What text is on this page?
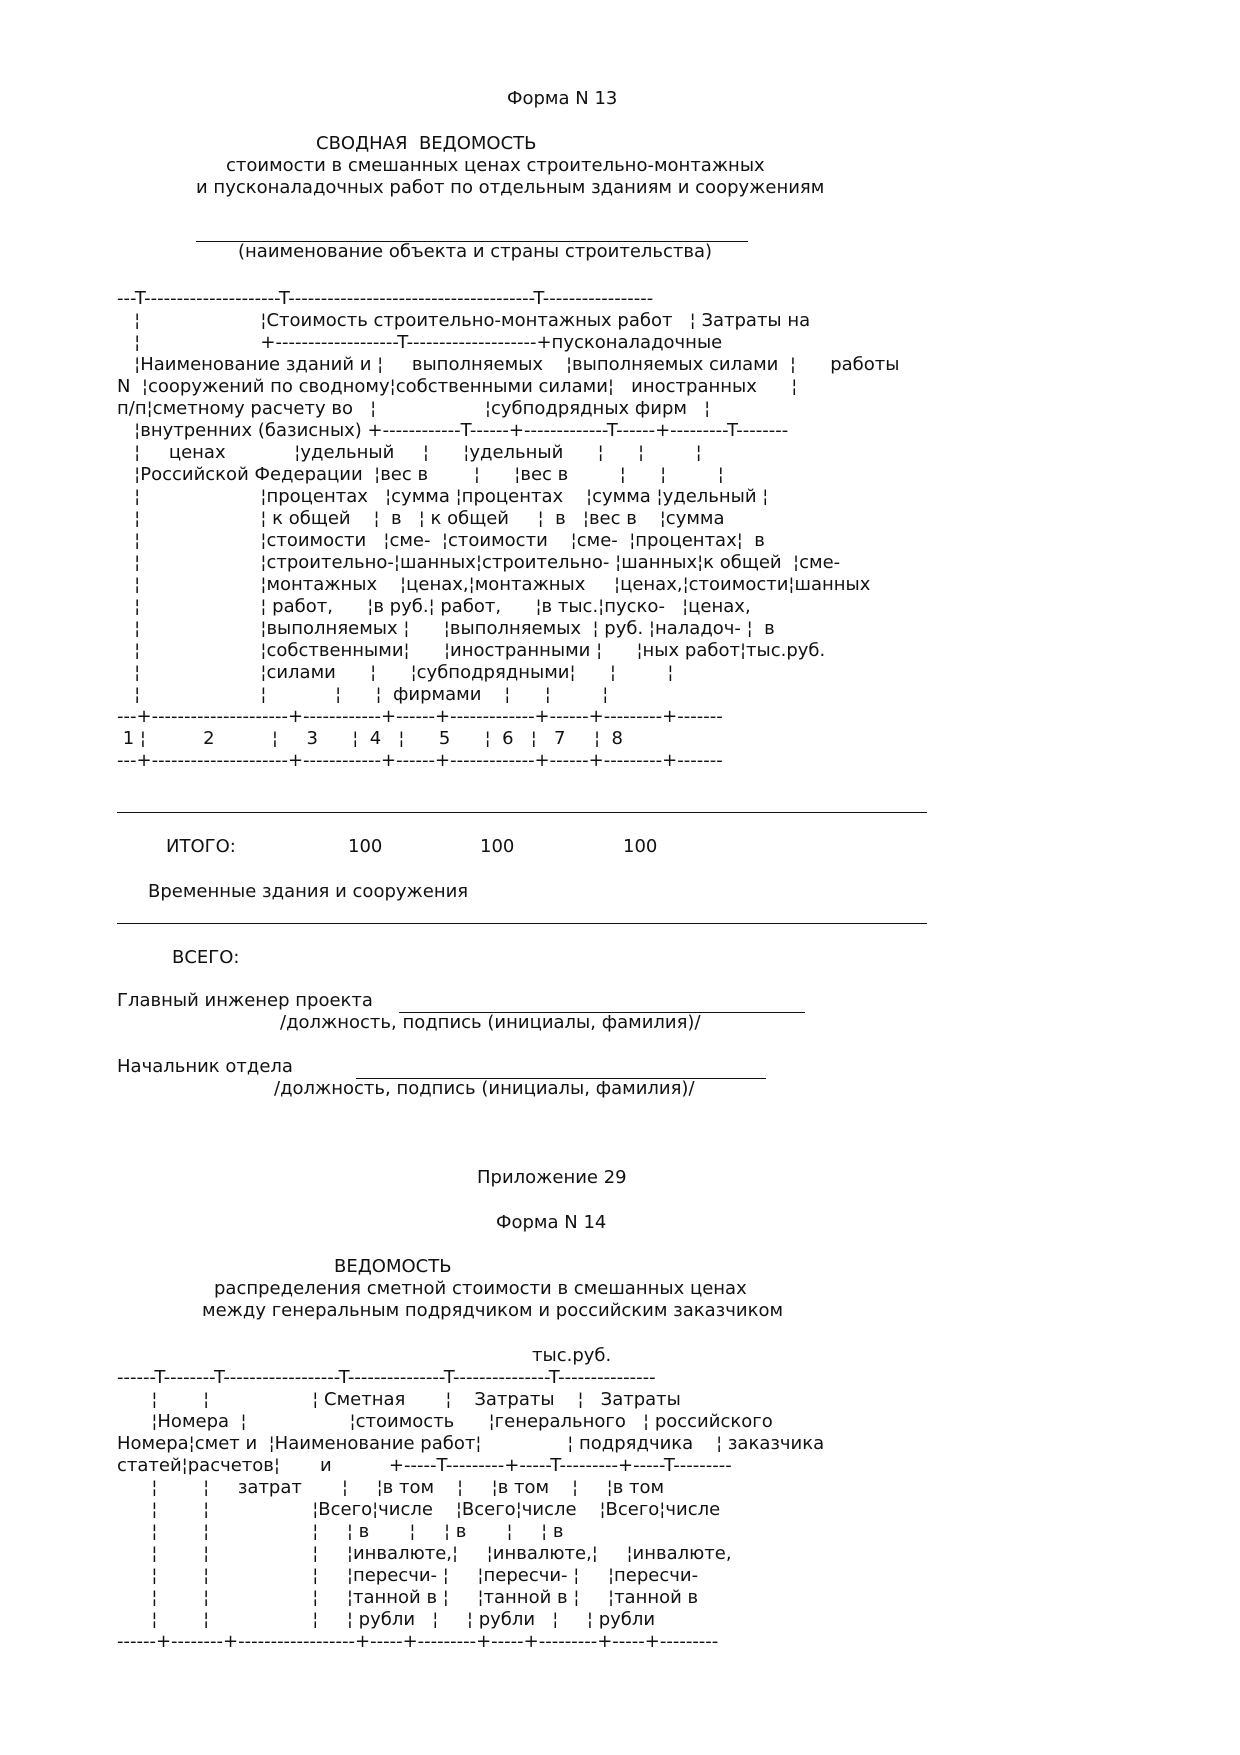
Форма N 13
СВОДНАЯ  ВЕДОМОСТЬ
стоимости в смешанных ценах строительно-монтажных
и пусконаладочных работ по отдельным зданиям и сооружениям
(наименование объекта и страны строительства)
---T---------------------T--------------------------------------T-----------------
¦                     ¦Стоимость строительно-монтажных работ   ¦ Затраты на
¦                     +-------------------T--------------------+пусконаладочные
¦Наименование зданий и ¦     выполняемых    ¦выполняемых силами  ¦      работы
N  ¦сооружений по сводному¦собственными силами¦   иностранных      ¦
п/п¦сметному расчету во   ¦                   ¦субподрядных фирм   ¦
¦внутренних (базисных) +------------T------+-------------T------+---------T--------
¦     ценах            ¦удельный     ¦      ¦удельный      ¦      ¦         ¦
¦Российской Федерации  ¦вес в        ¦      ¦вес в         ¦      ¦         ¦
¦                     ¦процентах   ¦сумма ¦процентах    ¦сумма ¦удельный ¦
¦                     ¦ к общей    ¦  в   ¦ к общей     ¦  в   ¦вес в    ¦сумма
¦                     ¦стоимости   ¦сме-  ¦стоимости    ¦сме-  ¦процентах¦  в
¦                     ¦строительно-¦шанных¦строительно- ¦шанных¦к общей  ¦сме-
¦                     ¦монтажных    ¦ценах,¦монтажных     ¦ценах,¦стоимости¦шанных
¦                     ¦ работ,      ¦в руб.¦ работ,      ¦в тыс.¦пуско-   ¦ценах,
¦                     ¦выполняемых ¦      ¦выполняемых  ¦ руб. ¦наладоч- ¦  в
¦                     ¦собственными¦      ¦иностранными ¦      ¦ных работ¦тыс.руб.
¦                     ¦силами      ¦      ¦субподрядными¦      ¦         ¦
¦                     ¦            ¦      ¦  фирмами    ¦      ¦         ¦
---+---------------------+------------+------+-------------+------+---------+-------
1 ¦          2          ¦     3      ¦  4   ¦      5      ¦  6   ¦   7     ¦  8
---+---------------------+------------+------+-------------+------+---------+-------
ИТОГО:	100	100	100
Временные здания и сооружения
ВСЕГО:
Главный инженер проекта
/должность, подпись (инициалы, фамилия)/
Начальник отдела
/должность, подпись (инициалы, фамилия)/
Приложение 29
Форма N 14
ВЕДОМОСТЬ
распределения сметной стоимости в смешанных ценах
между генеральным подрядчиком и российским заказчиком
тыс.руб.
------T--------T------------------T---------------T---------------T---------------
¦        ¦                  ¦ Сметная       ¦    Затраты    ¦   Затраты
¦Номера  ¦                  ¦стоимость      ¦генерального   ¦ российского
Номера¦смет и  ¦Наименование работ¦               ¦ подрядчика    ¦ заказчика
статей¦расчетов¦       и          +-----T---------+-----T---------+-----T---------
¦        ¦     затрат       ¦     ¦в том    ¦     ¦в том    ¦     ¦в том
¦        ¦                  ¦Всего¦числе    ¦Всего¦числе    ¦Всего¦числе
¦        ¦                  ¦     ¦ в       ¦     ¦ в       ¦     ¦ в
¦        ¦                  ¦     ¦инвалюте,¦     ¦инвалюте,¦     ¦инвалюте,
¦        ¦                  ¦     ¦пересчи- ¦     ¦пересчи- ¦     ¦пересчи-
¦        ¦                  ¦     ¦танной в ¦     ¦танной в ¦     ¦танной в
¦        ¦                  ¦     ¦ рубли   ¦     ¦ рубли   ¦     ¦ рубли
------+--------+------------------+-----+---------+-----+---------+-----+---------
